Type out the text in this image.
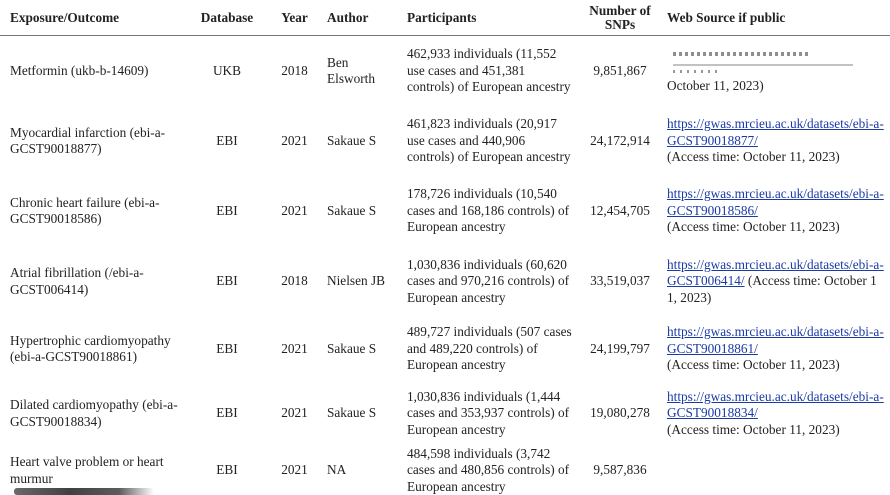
Exposure/Outcome	Database	Year	Author	Participants	Number of SNPs	Web Source if public
Metformin (ukb-b-14609)	UKB	2018	Ben Elsworth	462,933 individuals (11,552 use cases and 451,381 controls) of European ancestry	9,851,867	October 11, 2023)
Myocardial infarction (ebi-a-GCST90018877)	EBI	2021	Sakaue S	461,823 individuals (20,917 use cases and 440,906 controls) of European ancestry	24,172,914	https://gwas.mrcieu.ac.uk/datasets/ebi-a-GCST90018877/
(Access time: October 11, 2023)
Chronic heart failure (ebi-a-GCST90018586)	EBI	2021	Sakaue S	178,726 individuals (10,540 cases and 168,186 controls) of European ancestry	12,454,705	https://gwas.mrcieu.ac.uk/datasets/ebi-a-GCST90018586/
(Access time: October 11, 2023)
Atrial fibrillation (/ebi-a-GCST006414)	EBI	2018	Nielsen JB	1,030,836 individuals (60,620 cases and 970,216 controls) of European ancestry	33,519,037	https://gwas.mrcieu.ac.uk/datasets/ebi-a-GCST006414/ (Access time: October 11, 2023)
Hypertrophic cardiomyopathy (ebi-a-GCST90018861)	EBI	2021	Sakaue S	489,727 individuals (507 cases and 489,220 controls) of European ancestry	24,199,797	https://gwas.mrcieu.ac.uk/datasets/ebi-a-GCST90018861/
(Access time: October 11, 2023)
Dilated cardiomyopathy (ebi-a-GCST90018834)	EBI	2021	Sakaue S	1,030,836 individuals (1,444 cases and 353,937 controls) of European ancestry	19,080,278	https://gwas.mrcieu.ac.uk/datasets/ebi-a-GCST90018834/
(Access time: October 11, 2023)
Heart valve problem or heart murmur	EBI	2021	NA	484,598 individuals (3,742 cases and 480,856 controls) of European ancestry	9,587,836	
